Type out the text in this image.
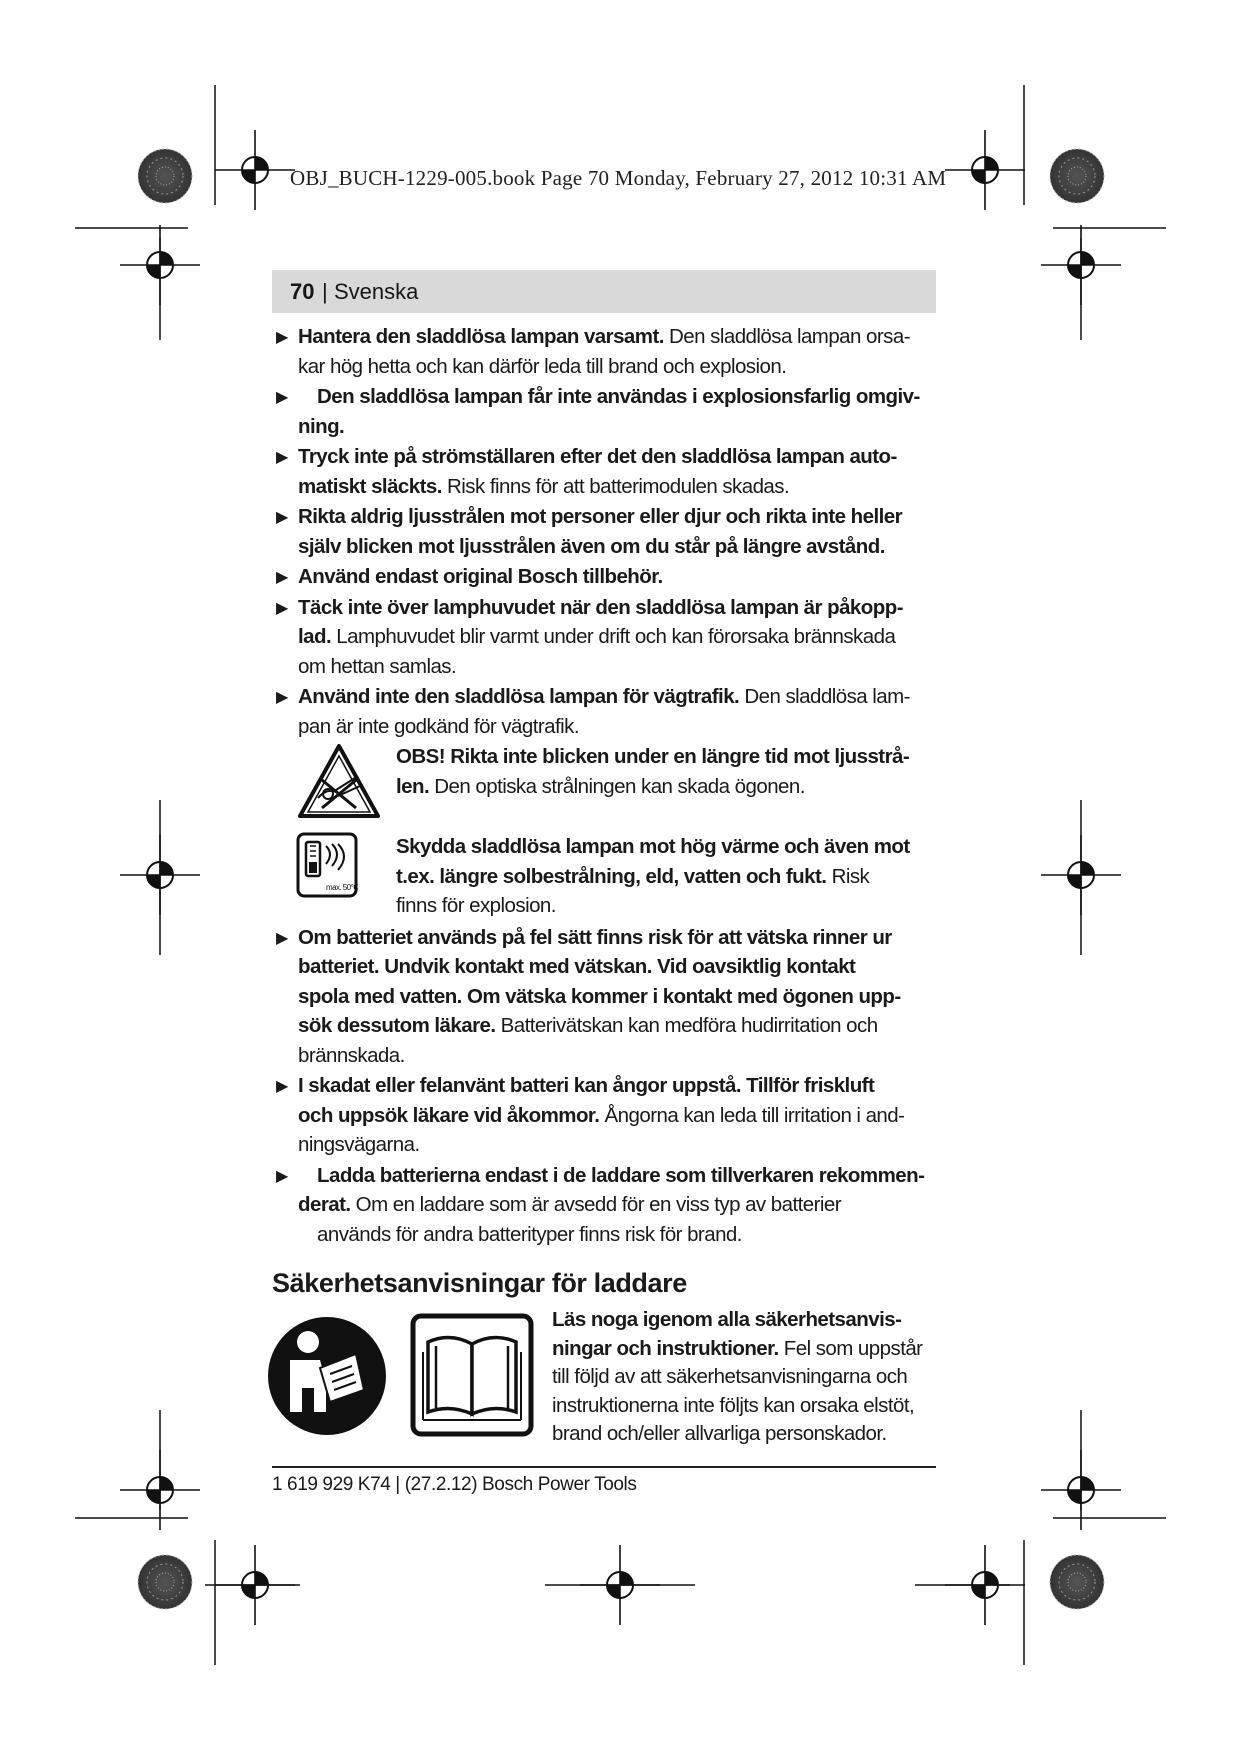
OBJ_BUCH-1229-005.book Page 70 Monday, February 27, 2012 10:31 AM
70 | Svenska
▶ Hantera den sladdlösa lampan varsamt. Den sladdlösa lampan orsa-
kar hög hetta och kan därför leda till brand och explosion.
▶ Den sladdlösa lampan får inte användas i explosionsfarlig omgiv-
ning.
▶ Tryck inte på strömställaren efter det den sladdlösa lampan auto-
matiskt släckts. Risk finns för att batterimodulen skadas.
▶ Rikta aldrig ljusstrålen mot personer eller djur och rikta inte heller
själv blicken mot ljusstrålen även om du står på längre avstånd.
▶ Använd endast original Bosch tillbehör.
▶ Täck inte över lamphuvudet när den sladdlösa lampan är påkopp-
lad. Lamphuvudet blir varmt under drift och kan förorsaka brännskada
om hettan samlas.
▶ Använd inte den sladdlösa lampan för vägtrafik. Den sladdlösa lam-
pan är inte godkänd för vägtrafik.
OBS! Rikta inte blicken under en längre tid mot ljusstrå-
len. Den optiska strålningen kan skada ögonen.
max. 50°C
Skydda sladdlösa lampan mot hög värme och även mot
t.ex. längre solbestrålning, eld, vatten och fukt. Risk
finns för explosion.
▶ Om batteriet används på fel sätt finns risk för att vätska rinner ur
batteriet. Undvik kontakt med vätskan. Vid oavsiktlig kontakt
spola med vatten. Om vätska kommer i kontakt med ögonen upp-
sök dessutom läkare. Batterivätskan kan medföra hudirritation och
brännskada.
▶ I skadat eller felanvänt batteri kan ångor uppstå. Tillför friskluft
och uppsök läkare vid åkommor. Ångorna kan leda till irritation i and-
ningsvägarna.
▶ Ladda batterierna endast i de laddare som tillverkaren rekommen-
derat. Om en laddare som är avsedd för en viss typ av batterier
används för andra batterityper finns risk för brand.
Säkerhetsanvisningar för laddare
Läs noga igenom alla säkerhetsanvis-
ningar och instruktioner. Fel som uppstår
till följd av att säkerhetsanvisningarna och
instruktionerna inte följts kan orsaka elstöt,
brand och/eller allvarliga personskador.
1 619 929 K74 | (27.2.12) Bosch Power Tools
